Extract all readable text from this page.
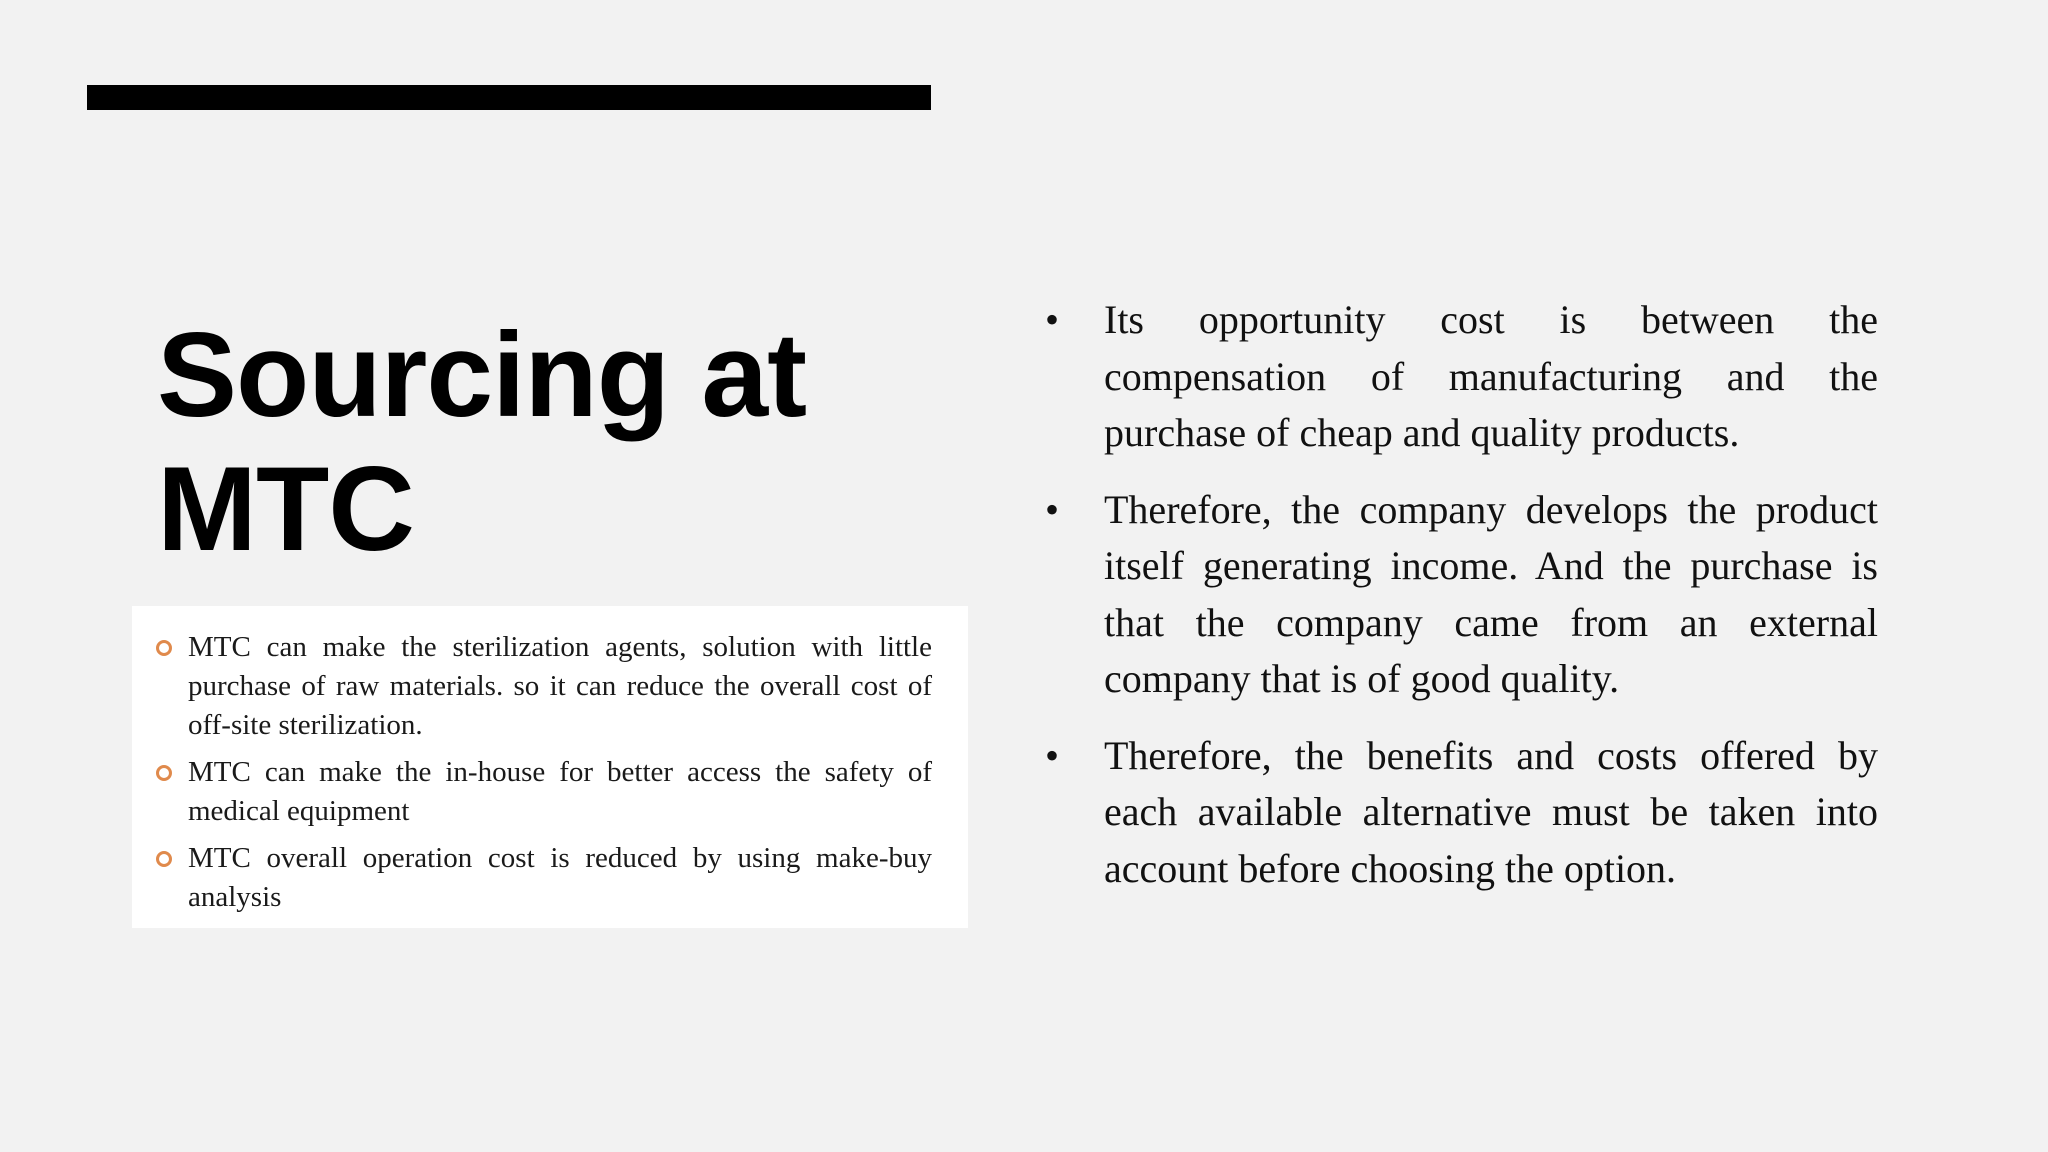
Sourcing at MTC
MTC can make the sterilization agents, solution with little purchase of raw materials. so it can reduce the overall cost of off-site sterilization.
MTC can make the in-house for better access the safety of medical equipment
MTC overall operation cost is reduced by using make-buy analysis
• Its opportunity cost is between the compensation of manufacturing and the purchase of cheap and quality products.
• Therefore, the company develops the product itself generating income. And the purchase is that the company came from an external company that is of good quality.
• Therefore, the benefits and costs offered by each available alternative must be taken into account before choosing the option.
